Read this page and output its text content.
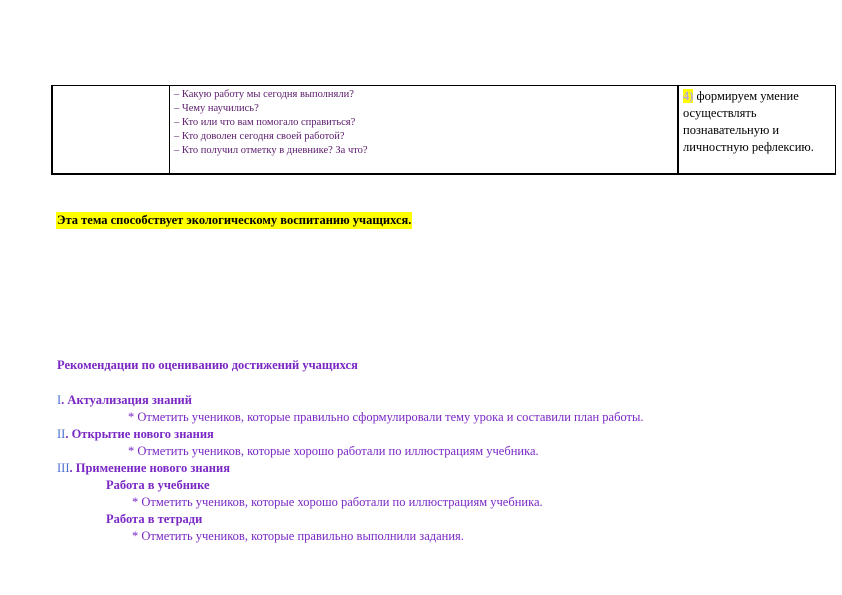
– Какую работу мы сегодня выполняли?
– Чему научились?
– Кто или что вам помогало справиться?
– Кто доволен сегодня своей работой?
– Кто получил отметку в дневнике? За что?
4) формируем умение осуществлять познавательную и личностную рефлексию.
Эта тема способствует экологическому воспитанию учащихся.
Рекомендации по оцениванию достижений учащихся
I. Актуализация знаний
* Отметить учеников, которые правильно сформулировали тему урока и составили план работы.
II. Открытие нового знания
* Отметить учеников, которые хорошо работали по иллюстрациям учебника.
III. Применение нового знания
Работа в учебнике
* Отметить учеников, которые хорошо работали по иллюстрациям учебника.
Работа в тетради
* Отметить учеников, которые правильно выполнили задания.
